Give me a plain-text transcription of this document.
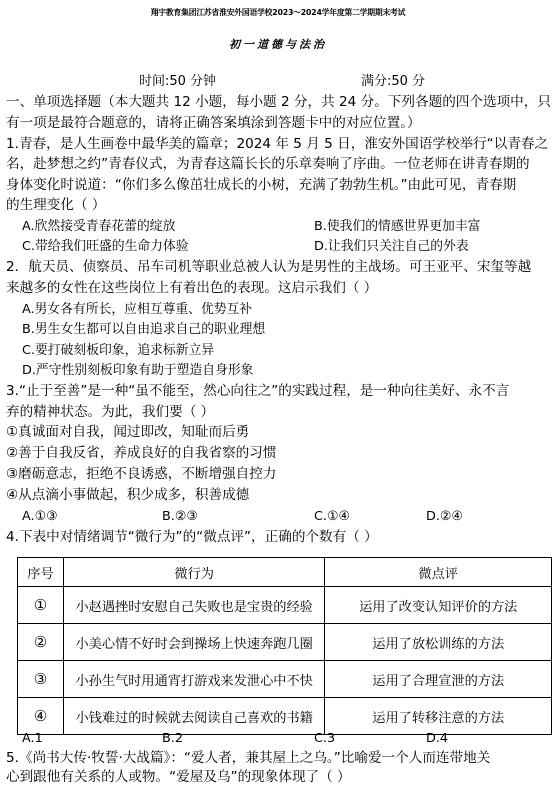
翔宇教育集团江苏省淮安外国语学校2023～2024学年度第二学期期末考试
初一道德与法治
时间:50 分钟	满分:50 分
一、单项选择题（本大题共 12 小题，每小题 2 分，共 24 分。下列各题的四个选项中，只
有一项是最符合题意的，请将正确答案填涂到答题卡中的对应位置。）
1.青春，是人生画卷中最华美的篇章；2024 年 5 月 5 日，淮安外国语学校举行“以青春之
名，赴梦想之约”青春仪式，为青春这篇长长的乐章奏响了序曲。一位老师在讲青春期的
身体变化时说道：“你们多么像茁壮成长的小树，充满了勃勃生机。”由此可见，青春期
的生理变化（ ）
A.欣然接受青春花蕾的绽放	B.使我们的情感世界更加丰富
C.带给我们旺盛的生命力体验	D.让我们只关注自己的外表
2．航天员、侦察员、吊车司机等职业总被人认为是男性的主战场。可王亚平、宋玺等越
来越多的女性在这些岗位上有着出色的表现。这启示我们（ ）
A.男女各有所长，应相互尊重、优势互补
B.男生女生都可以自由追求自己的职业理想
C.要打破刻板印象，追求标新立异
D.严守性别刻板印象有助于塑造自身形象
3.“止于至善”是一种“虽不能至，然心向往之”的实践过程，是一种向往美好、永不言
弃的精神状态。为此，我们要（ ）
①真诚面对自我，闻过即改，知耻而后勇
②善于自我反省，养成良好的自我省察的习惯
③磨砺意志，拒绝不良诱惑，不断增强自控力
④从点滴小事做起，积少成多，积善成德
A.①③	B.②③	C.①④	D.②④
4.下表中对情绪调节“微行为”的“微点评”，正确的个数有（ ）
序号	微行为	微点评
①	小赵遇挫时安慰自己失败也是宝贵的经验	运用了改变认知评价的方法
②	小美心情不好时会到操场上快速奔跑几圈	运用了放松训练的方法
③	小孙生气时用通宵打游戏来发泄心中不快	运用了合理宣泄的方法
④	小钱难过的时候就去阅读自己喜欢的书籍	运用了转移注意的方法
A.1	B.2	C.3	D.4
5.《尚书大传·牧誓·大战篇》：“爱人者，兼其屋上之乌。”比喻爱一个人而连带地关
心到跟他有关系的人或物。“爱屋及乌”的现象体现了（ ）
